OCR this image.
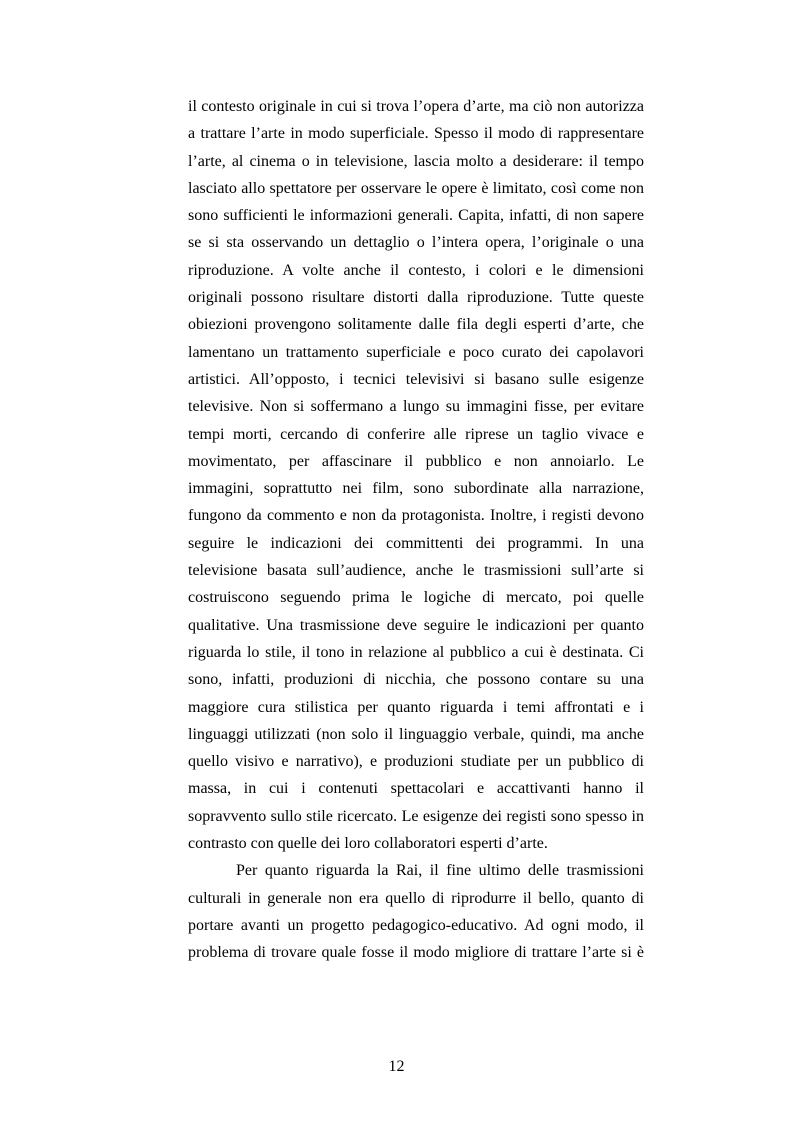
il contesto originale in cui si trova l’opera d’arte, ma ciò non autorizza
a trattare l’arte in modo superficiale. Spesso il modo di rappresentare
l’arte, al cinema o in televisione, lascia molto a desiderare: il tempo
lasciato allo spettatore per osservare le opere è limitato, così come non
sono sufficienti le informazioni generali. Capita, infatti, di non sapere
se si sta osservando un dettaglio o l’intera opera, l’originale o una
riproduzione. A volte anche il contesto, i colori e le dimensioni
originali possono risultare distorti dalla riproduzione. Tutte queste
obiezioni provengono solitamente dalle fila degli esperti d’arte, che
lamentano un trattamento superficiale e poco curato dei capolavori
artistici. All’opposto, i tecnici televisivi si basano sulle esigenze
televisive. Non si soffermano a lungo su immagini fisse, per evitare
tempi morti, cercando di conferire alle riprese un taglio vivace e
movimentato, per affascinare il pubblico e non annoiarlo. Le
immagini, soprattutto nei film, sono subordinate alla narrazione,
fungono da commento e non da protagonista. Inoltre, i registi devono
seguire le indicazioni dei committenti dei programmi. In una
televisione basata sull’audience, anche le trasmissioni sull’arte si
costruiscono seguendo prima le logiche di mercato, poi quelle
qualitative. Una trasmissione deve seguire le indicazioni per quanto
riguarda lo stile, il tono in relazione al pubblico a cui è destinata. Ci
sono, infatti, produzioni di nicchia, che possono contare su una
maggiore cura stilistica per quanto riguarda i temi affrontati e i
linguaggi utilizzati (non solo il linguaggio verbale, quindi, ma anche
quello visivo e narrativo), e produzioni studiate per un pubblico di
massa, in cui i contenuti spettacolari e accattivanti hanno il
sopravvento sullo stile ricercato. Le esigenze dei registi sono spesso in
contrasto con quelle dei loro collaboratori esperti d’arte.
Per quanto riguarda la Rai, il fine ultimo delle trasmissioni
culturali in generale non era quello di riprodurre il bello, quanto di
portare avanti un progetto pedagogico-educativo. Ad ogni modo, il
problema di trovare quale fosse il modo migliore di trattare l’arte si è
12
